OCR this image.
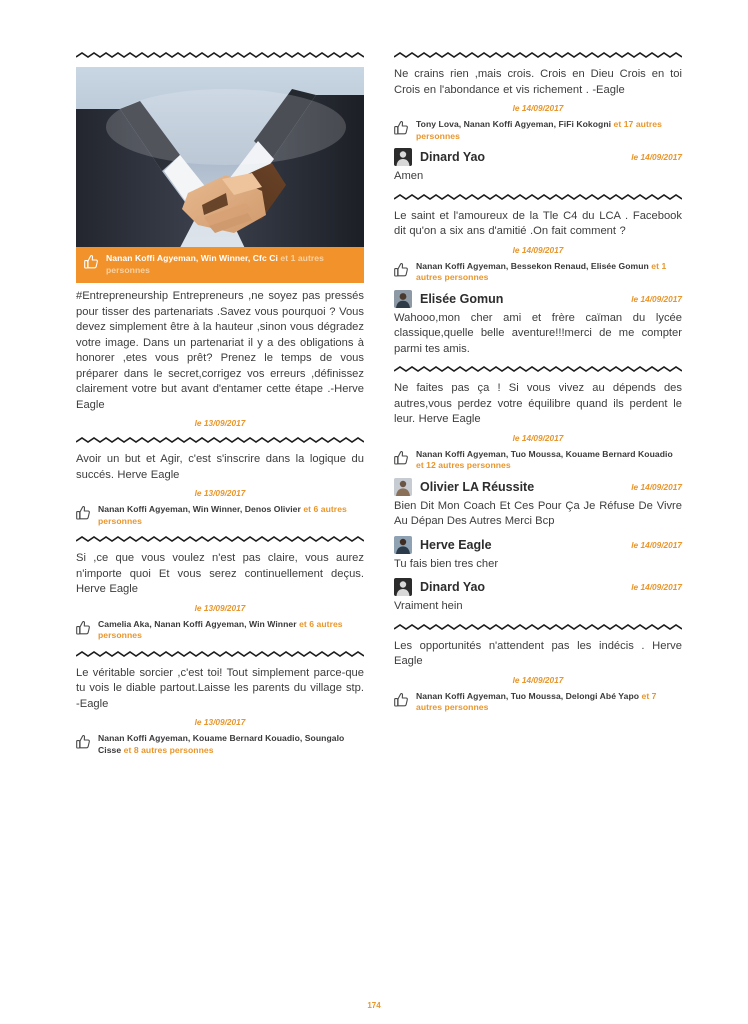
Nanan Koffi Agyeman, Win Winner, Cfc Ci et 1 autres personnes
#Entrepreneurship Entrepreneurs ,ne soyez pas pressés pour tisser des partenariats .Savez vous pourquoi ? Vous devez simplement être à la hauteur ,sinon vous dégradez votre image. Dans un partenariat il y a des obligations à honorer ,etes vous prêt? Prenez le temps de vous préparer dans le secret,corrigez vos erreurs ,définissez clairement votre but avant d'entamer cette étape .-Herve Eagle
le 13/09/2017
Avoir un but et Agir, c'est s'inscrire dans la logique du succés. Herve Eagle
le 13/09/2017
Nanan Koffi Agyeman, Win Winner, Denos Olivier et 6 autres personnes
Si ,ce que vous voulez n'est pas claire, vous aurez n'importe quoi Et vous serez continuellement deçus. Herve Eagle
le 13/09/2017
Camelia Aka, Nanan Koffi Agyeman, Win Winner et 6 autres personnes
Le véritable sorcier ,c'est toi! Tout simplement parce-que tu vois le diable partout.Laisse les parents du village stp. -Eagle
le 13/09/2017
Nanan Koffi Agyeman, Kouame Bernard Kouadio, Soungalo Cisse et 8 autres personnes
Ne crains rien ,mais crois. Crois en Dieu Crois en toi Crois en l'abondance et vis richement . -Eagle
le 14/09/2017
Tony Lova, Nanan Koffi Agyeman, FiFi Kokogni et 17 autres personnes
Dinard Yao	le 14/09/2017
Amen
Le saint et l'amoureux de la Tle C4 du LCA . Facebook dit qu'on a six ans d'amitié .On fait comment ?
le 14/09/2017
Nanan Koffi Agyeman, Bessekon Renaud, Elisée Gomun et 1 autres personnes
Elisée Gomun	le 14/09/2017
Wahooo,mon cher ami et frère caïman du lycée classique,quelle belle aventure!!!merci de me compter parmi tes amis.
Ne faites pas ça ! Si vous vivez au dépends des autres,vous perdez votre équilibre quand ils perdent le leur. Herve Eagle
le 14/09/2017
Nanan Koffi Agyeman, Tuo Moussa, Kouame Bernard Kouadio et 12 autres personnes
Olivier LA Réussite	le 14/09/2017
Bien Dit Mon Coach Et Ces Pour Ça Je Réfuse De Vivre Au Dépan Des Autres Merci Bcp
Herve Eagle	le 14/09/2017
Tu fais bien tres cher
Dinard Yao	le 14/09/2017
Vraiment hein
Les opportunités n'attendent pas les indécis . Herve Eagle
le 14/09/2017
Nanan Koffi Agyeman, Tuo Moussa, Delongi Abé Yapo et 7 autres personnes
174
